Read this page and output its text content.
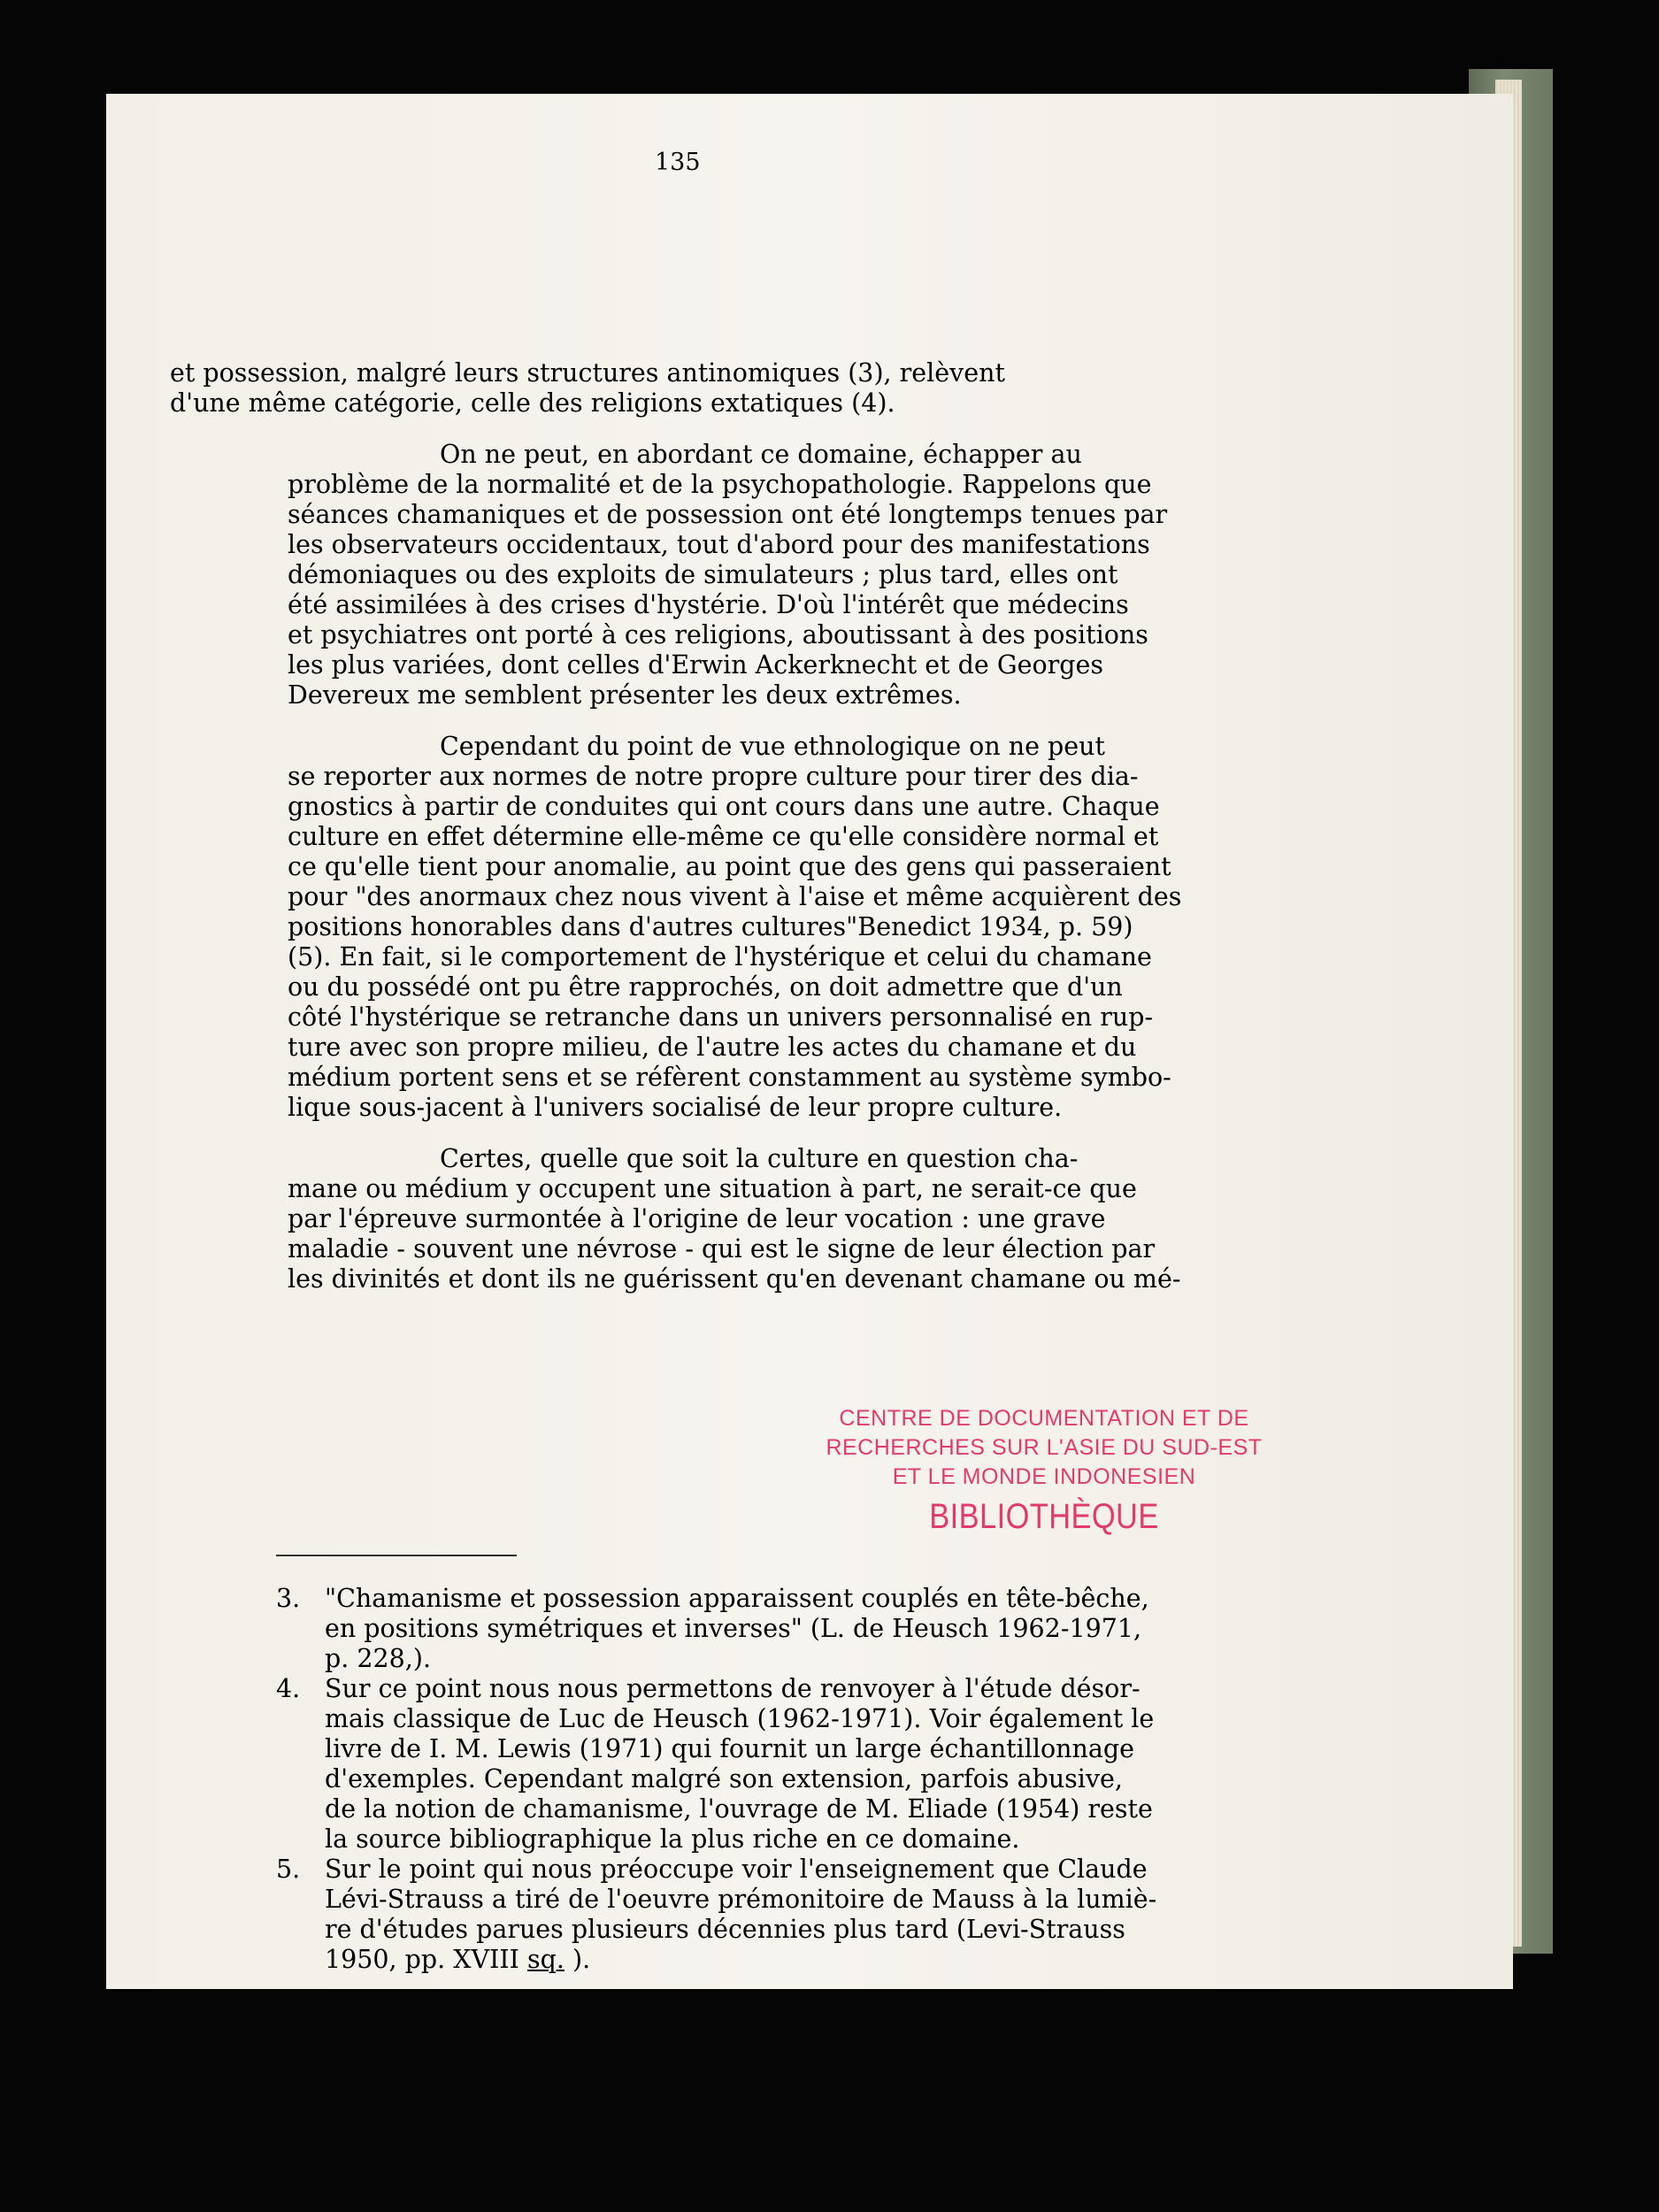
135
et possession, malgré leurs structures antinomiques (3), relèvent
d'une même catégorie, celle des religions extatiques (4).
On ne peut, en abordant ce domaine, échapper au
problème de la normalité et de la psychopathologie. Rappelons que
séances chamaniques et de possession ont été longtemps tenues par
les observateurs occidentaux, tout d'abord pour des manifestations
démoniaques ou des exploits de simulateurs ; plus tard, elles ont
été assimilées à des crises d'hystérie. D'où l'intérêt que médecins
et psychiatres ont porté à ces religions, aboutissant à des positions
les plus variées, dont celles d'Erwin Ackerknecht et de Georges
Devereux me semblent présenter les deux extrêmes.
Cependant du point de vue ethnologique on ne peut
se reporter aux normes de notre propre culture pour tirer des dia-
gnostics à partir de conduites qui ont cours dans une autre. Chaque
culture en effet détermine elle-même ce qu'elle considère normal et
ce qu'elle tient pour anomalie, au point que des gens qui passeraient
pour "des anormaux chez nous vivent à l'aise et même acquièrent des
positions honorables dans d'autres cultures"Benedict 1934, p. 59)
(5). En fait, si le comportement de l'hystérique et celui du chamane
ou du possédé ont pu être rapprochés, on doit admettre que d'un
côté l'hystérique se retranche dans un univers personnalisé en rup-
ture avec son propre milieu, de l'autre les actes du chamane et du
médium portent sens et se réfèrent constamment au système symbo-
lique sous-jacent à l'univers socialisé de leur propre culture.
Certes, quelle que soit la culture en question cha-
mane ou médium y occupent une situation à part, ne serait-ce que
par l'épreuve surmontée à l'origine de leur vocation : une grave
maladie - souvent une névrose - qui est le signe de leur élection par
les divinités et dont ils ne guérissent qu'en devenant chamane ou mé-
CENTRE DE DOCUMENTATION ET DE
RECHERCHES SUR L'ASIE DU SUD-EST
ET LE MONDE INDONESIEN
BIBLIOTHÈQUE
3. "Chamanisme et possession apparaissent couplés en tête-bêche,
en positions symétriques et inverses" (L. de Heusch 1962-1971,
p. 228,).
4. Sur ce point nous nous permettons de renvoyer à l'étude désor-
mais classique de Luc de Heusch (1962-1971). Voir également le
livre de I. M. Lewis (1971) qui fournit un large échantillonnage
d'exemples. Cependant malgré son extension, parfois abusive,
de la notion de chamanisme, l'ouvrage de M. Eliade (1954) reste
la source bibliographique la plus riche en ce domaine.
5. Sur le point qui nous préoccupe voir l'enseignement que Claude
Lévi-Strauss a tiré de l'oeuvre prémonitoire de Mauss à la lumiè-
re d'études parues plusieurs décennies plus tard (Levi-Strauss
1950, pp. XVIII sq. ).
